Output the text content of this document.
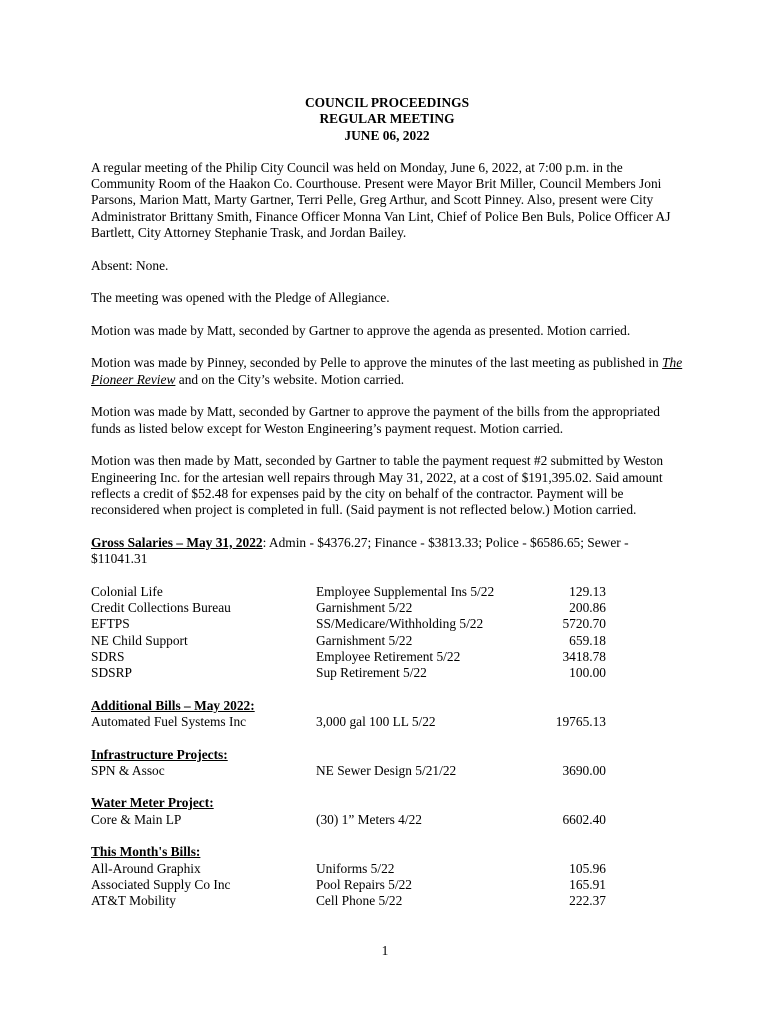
COUNCIL PROCEEDINGS
REGULAR MEETING
JUNE 06, 2022

A regular meeting of the Philip City Council was held on Monday, June 6, 2022, at 7:00 p.m. in the Community Room of the Haakon Co. Courthouse. Present were Mayor Brit Miller, Council Members Joni Parsons, Marion Matt, Marty Gartner, Terri Pelle, Greg Arthur, and Scott Pinney. Also, present were City Administrator Brittany Smith, Finance Officer Monna Van Lint, Chief of Police Ben Buls, Police Officer AJ Bartlett, City Attorney Stephanie Trask, and Jordan Bailey.

Absent: None.

The meeting was opened with the Pledge of Allegiance.

Motion was made by Matt, seconded by Gartner to approve the agenda as presented. Motion carried.

Motion was made by Pinney, seconded by Pelle to approve the minutes of the last meeting as published in The Pioneer Review and on the City’s website. Motion carried.

Motion was made by Matt, seconded by Gartner to approve the payment of the bills from the appropriated funds as listed below except for Weston Engineering’s payment request. Motion carried.

Motion was then made by Matt, seconded by Gartner to table the payment request #2 submitted by Weston Engineering Inc. for the artesian well repairs through May 31, 2022, at a cost of $191,395.02. Said amount reflects a credit of $52.48 for expenses paid by the city on behalf of the contractor. Payment will be reconsidered when project is completed in full. (Said payment is not reflected below.) Motion carried.

Gross Salaries – May 31, 2022: Admin - $4376.27; Finance - $3813.33; Police - $6586.65; Sewer - $11041.31

Colonial Life	Employee Supplemental Ins 5/22	129.13
Credit Collections Bureau	Garnishment 5/22	200.86
EFTPS	SS/Medicare/Withholding 5/22	5720.70
NE Child Support	Garnishment 5/22	659.18
SDRS	Employee Retirement 5/22	3418.78
SDSRP	Sup Retirement 5/22	100.00
Additional Bills – May 2022:
Automated Fuel Systems Inc	3,000 gal 100 LL 5/22	19765.13
Infrastructure Projects:
SPN & Assoc	NE Sewer Design 5/21/22	3690.00
Water Meter Project:
Core & Main LP	(30) 1” Meters 4/22	6602.40
This Month's Bills:
All-Around Graphix	Uniforms 5/22	105.96
Associated Supply Co Inc	Pool Repairs 5/22	165.91
AT&T Mobility	Cell Phone 5/22	222.37
1
